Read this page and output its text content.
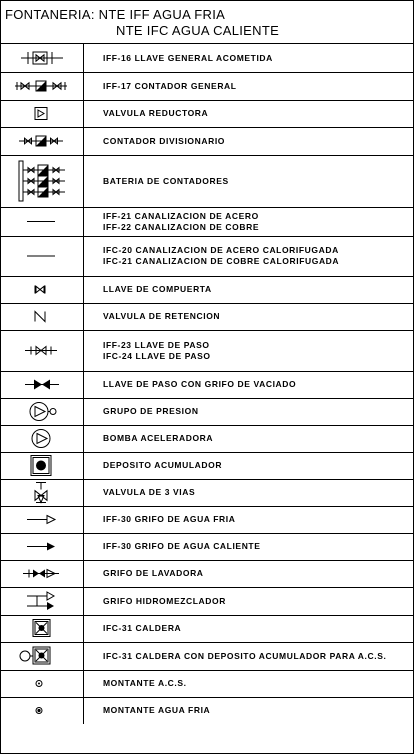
FONTANERIA: NTE IFF AGUA FRIA
NTE IFC AGUA CALIENTE
IFF-16 LLAVE GENERAL ACOMETIDA
IFF-17 CONTADOR GENERAL
VALVULA REDUCTORA
CONTADOR DIVISIONARIO
BATERIA DE CONTADORES
IFF-21 CANALIZACION DE ACERO
IFF-22 CANALIZACION DE COBRE
IFC-20 CANALIZACION DE ACERO CALORIFUGADA
IFC-21 CANALIZACION DE COBRE CALORIFUGADA
LLAVE DE COMPUERTA
VALVULA DE RETENCION
IFF-23 LLAVE DE PASO
IFC-24 LLAVE DE PASO
LLAVE DE PASO CON GRIFO DE VACIADO
GRUPO DE PRESION
BOMBA ACELERADORA
DEPOSITO ACUMULADOR
VALVULA DE 3 VIAS
IFF-30 GRIFO DE AGUA FRIA
IFF-30 GRIFO DE AGUA CALIENTE
GRIFO DE LAVADORA
GRIFO HIDROMEZCLADOR
IFC-31 CALDERA
IFC-31 CALDERA CON DEPOSITO ACUMULADOR PARA A.C.S.
MONTANTE A.C.S.
MONTANTE AGUA FRIA
